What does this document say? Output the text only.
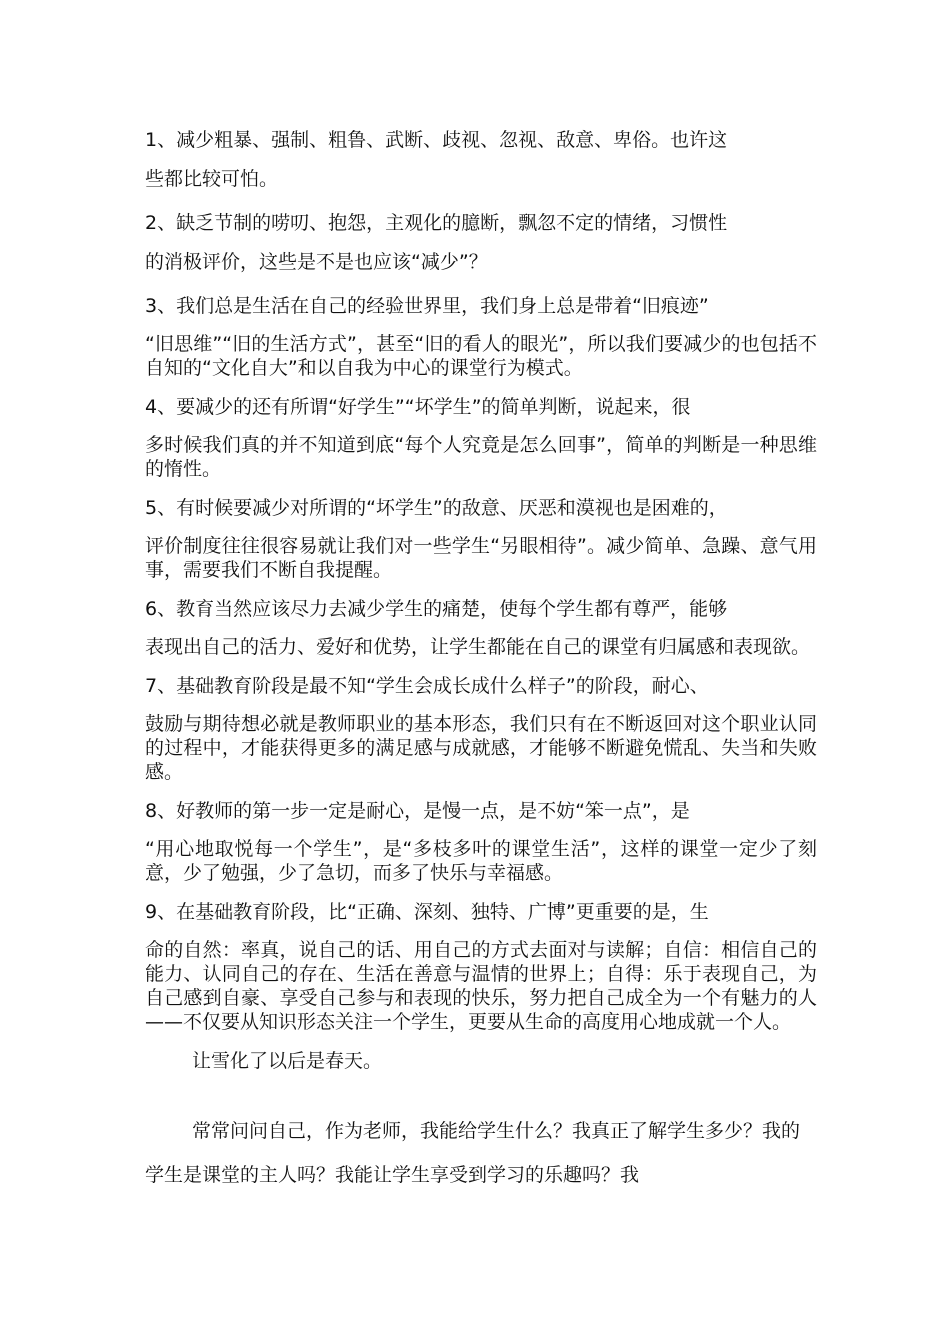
1、减少粗暴、强制、粗鲁、武断、歧视、忽视、敌意、卑俗。也许这
些都比较可怕。
2、缺乏节制的唠叨、抱怨，主观化的臆断，飘忽不定的情绪，习惯性
的消极评价，这些是不是也应该“减少”？
3、我们总是生活在自己的经验世界里，我们身上总是带着“旧痕迹”
“旧思维”“旧的生活方式”，甚至“旧的看人的眼光”，所以我们要减少的也包括不自知的“文化自大”和以自我为中心的课堂行为模式。
4、要减少的还有所谓“好学生”“坏学生”的简单判断，说起来，很
多时候我们真的并不知道到底“每个人究竟是怎么回事”，简单的判断是一种思维的惰性。
5、有时候要减少对所谓的“坏学生”的敌意、厌恶和漠视也是困难的，
评价制度往往很容易就让我们对一些学生“另眼相待”。减少简单、急躁、意气用事，需要我们不断自我提醒。
6、教育当然应该尽力去减少学生的痛楚，使每个学生都有尊严，能够
表现出自己的活力、爱好和优势，让学生都能在自己的课堂有归属感和表现欲。
7、基础教育阶段是最不知“学生会成长成什么样子”的阶段，耐心、
鼓励与期待想必就是教师职业的基本形态，我们只有在不断返回对这个职业认同的过程中，才能获得更多的满足感与成就感，才能够不断避免慌乱、失当和失败感。
8、好教师的第一步一定是耐心，是慢一点，是不妨“笨一点”，是
“用心地取悦每一个学生”，是“多枝多叶的课堂生活”，这样的课堂一定少了刻意，少了勉强，少了急切，而多了快乐与幸福感。
9、在基础教育阶段，比“正确、深刻、独特、广博”更重要的是，生
命的自然：率真，说自己的话、用自己的方式去面对与读解；自信：相信自己的能力、认同自己的存在、生活在善意与温情的世界上；自得：乐于表现自己，为自己感到自豪、享受自己参与和表现的快乐，努力把自己成全为一个有魅力的人——不仅要从知识形态关注一个学生，更要从生命的高度用心地成就一个人。

让雪化了以后是春天。

常常问问自己，作为老师，我能给学生什么？我真正了解学生多少？我的学生是课堂的主人吗？我能让学生享受到学习的乐趣吗？我
